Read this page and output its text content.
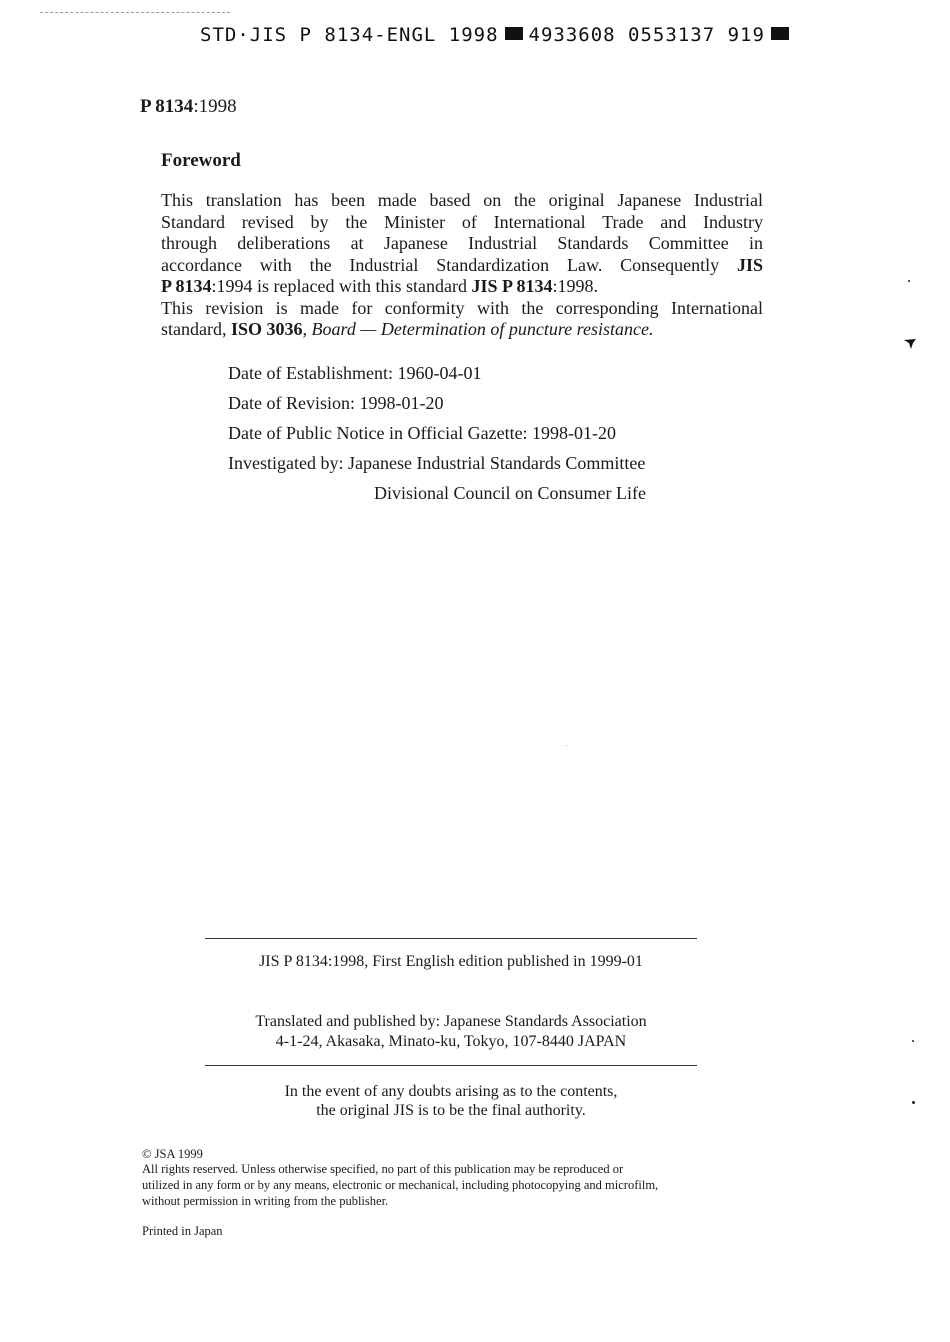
STD·JIS P 8134-ENGL 1998 4933608 0553137 919
P 8134:1998
Foreword
This translation has been made based on the original Japanese Industrial
Standard revised by the Minister of International Trade and Industry
through deliberations at Japanese Industrial Standards Committee in
accordance with the Industrial Standardization Law. Consequently JIS
P 8134:1994 is replaced with this standard JIS P 8134:1998.
This revision is made for conformity with the corresponding International
standard, ISO 3036, Board — Determination of puncture resistance.
Date of Establishment: 1960-04-01
Date of Revision: 1998-01-20
Date of Public Notice in Official Gazette: 1998-01-20
Investigated by: Japanese Industrial Standards Committee
Divisional Council on Consumer Life
JIS P 8134:1998, First English edition published in 1999-01
Translated and published by: Japanese Standards Association
4-1-24, Akasaka, Minato-ku, Tokyo, 107-8440 JAPAN
In the event of any doubts arising as to the contents,
the original JIS is to be the final authority.
© JSA 1999
All rights reserved. Unless otherwise specified, no part of this publication may be reproduced or
utilized in any form or by any means, electronic or mechanical, including photocopying and microfilm,
without permission in writing from the publisher.
Printed in Japan
